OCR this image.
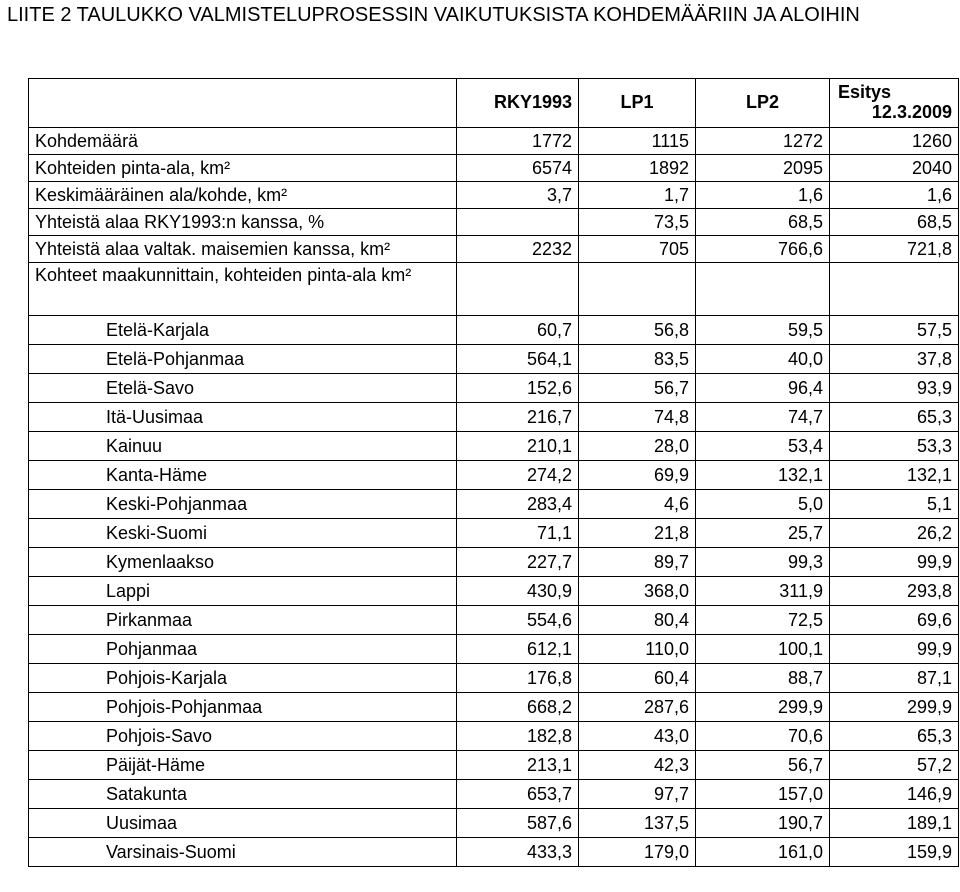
LIITE 2 TAULUKKO VALMISTELUPROSESSIN VAIKUTUKSISTA KOHDEMÄÄRIIN JA ALOIHIN
	RKY1993	LP1	LP2	Esitys
12.3.2009

Kohdemäärä	1772	1115	1272	1260
Kohteiden pinta-ala, km²	6574	1892	2095	2040
Keskimääräinen ala/kohde, km²	3,7	1,7	1,6	1,6
Yhteistä alaa RKY1993:n kanssa, %		73,5	68,5	68,5
Yhteistä alaa valtak. maisemien kanssa, km²	2232	705	766,6	721,8
Kohteet maakunnittain, kohteiden pinta-ala km²				
Etelä-Karjala	60,7	56,8	59,5	57,5
Etelä-Pohjanmaa	564,1	83,5	40,0	37,8
Etelä-Savo	152,6	56,7	96,4	93,9
Itä-Uusimaa	216,7	74,8	74,7	65,3
Kainuu	210,1	28,0	53,4	53,3
Kanta-Häme	274,2	69,9	132,1	132,1
Keski-Pohjanmaa	283,4	4,6	5,0	5,1
Keski-Suomi	71,1	21,8	25,7	26,2
Kymenlaakso	227,7	89,7	99,3	99,9
Lappi	430,9	368,0	311,9	293,8
Pirkanmaa	554,6	80,4	72,5	69,6
Pohjanmaa	612,1	110,0	100,1	99,9
Pohjois-Karjala	176,8	60,4	88,7	87,1
Pohjois-Pohjanmaa	668,2	287,6	299,9	299,9
Pohjois-Savo	182,8	43,0	70,6	65,3
Päijät-Häme	213,1	42,3	56,7	57,2
Satakunta	653,7	97,7	157,0	146,9
Uusimaa	587,6	137,5	190,7	189,1
Varsinais-Suomi	433,3	179,0	161,0	159,9
